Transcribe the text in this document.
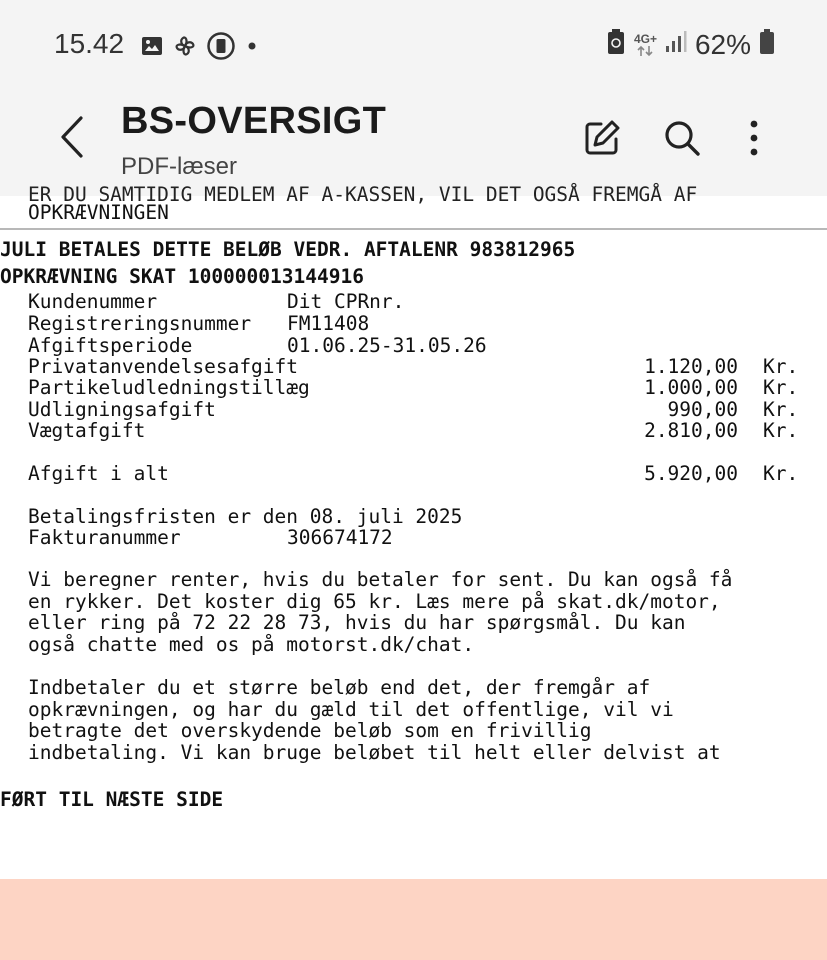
15.42	4G+ 62%
BS-OVERSIGT
PDF-læser
ER DU SAMTIDIG MEDLEM AF A-KASSEN, VIL DET OGSÅ FREMGÅ AF
OPKRÆVNINGEN
JULI BETALES DETTE BELØB VEDR. AFTALENR 983812965
OPKRÆVNING SKAT 100000013144916
Kundenummer	Dit CPRnr.
Registreringsnummer FM11408
Afgiftsperiode	01.06.25-31.05.26
Privatanvendelsesafgift	1.120,00 Kr.
Partikeludledningstillæg	1.000,00 Kr.
Udligningsafgift	990,00 Kr.
Vægtafgift	2.810,00 Kr.
Afgift i alt	5.920,00 Kr.
Betalingsfristen er den 08. juli 2025
Fakturanummer	306674172
Vi beregner renter, hvis du betaler for sent. Du kan også få
en rykker. Det koster dig 65 kr. Læs mere på skat.dk/motor,
eller ring på 72 22 28 73, hvis du har spørgsmål. Du kan
også chatte med os på motorst.dk/chat.
Indbetaler du et større beløb end det, der fremgår af
opkrævningen, og har du gæld til det offentlige, vil vi
betragte det overskydende beløb som en frivillig
indbetaling. Vi kan bruge beløbet til helt eller delvist at
FØRT TIL NÆSTE SIDE
